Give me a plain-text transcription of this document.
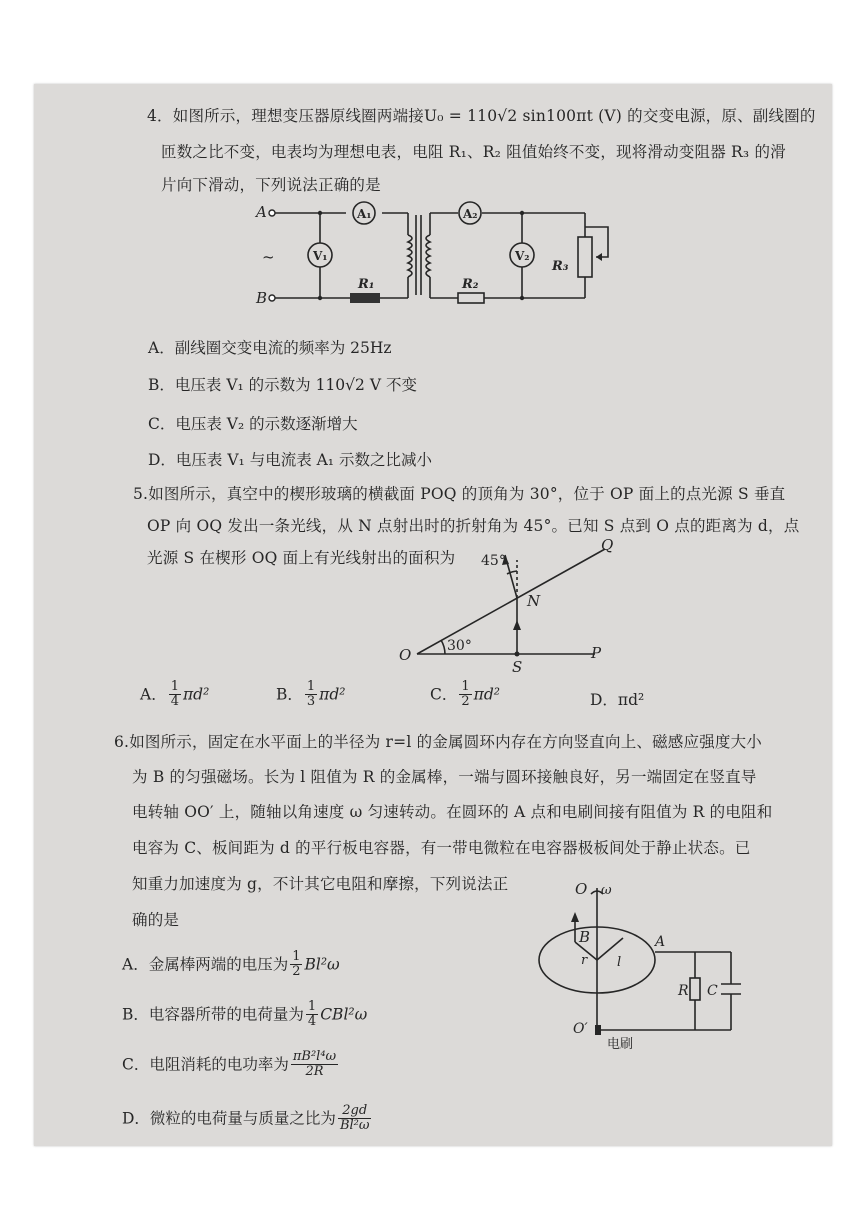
4．如图所示，理想变压器原线圈两端接U₀ = 110√2 sin100πt (V) 的交变电源，原、副线圈的
匝数之比不变，电表均为理想电表，电阻 R₁、R₂ 阻值始终不变，现将滑动变阻器 R₃ 的滑
片向下滑动，下列说法正确的是
A
B
~
A₁	A₂
V₁	V₂
R₁	R₂
R₃
A．副线圈交变电流的频率为 25Hz
B．电压表 V₁ 的示数为 110√2 V 不变
C．电压表 V₂ 的示数逐渐增大
D．电压表 V₁ 与电流表 A₁ 示数之比减小
5.如图所示，真空中的楔形玻璃的横截面 POQ 的顶角为 30°，位于 OP 面上的点光源 S 垂直
OP 向 OQ 发出一条光线，从 N 点射出时的折射角为 45°。已知 S 点到 O 点的距离为 d，点
光源 S 在楔形 OQ 面上有光线射出的面积为 45°
30°
Q
N
O
S
P
A． $\frac{1}{4} \pi d^2$	B． $\frac{1}{3} \pi d^2$	C． $\frac{1}{2} \pi d^2$	D．πd²
6.如图所示，固定在水平面上的半径为 r=l 的金属圆环内存在方向竖直向上、磁感应强度大小
为 B 的匀强磁场。长为 l 阻值为 R 的金属棒，一端与圆环接触良好，另一端固定在竖直导
电转轴 OO′ 上，随轴以角速度 ω 匀速转动。在圆环的 A 点和电刷间接有阻值为 R 的电阻和
电容为 C、板间距为 d 的平行板电容器，有一带电微粒在电容器极板间处于静止状态。已
知重力加速度为 g，不计其它电阻和摩擦，下列说法正
确的是
O ω
B
r l
A
R C
O′
电刷
A．金属棒两端的电压为 $\frac{1}{2} Bl^2\omega$
B．电容器所带的电荷量为 $\frac{1}{4} CBl^2\omega$
C．电阻消耗的电功率为 $\frac{\text{πB²l⁴ω}}{2R}$
D．微粒的电荷量与质量之比为 $\frac{2gd}{\text{Bl²ω}}$
